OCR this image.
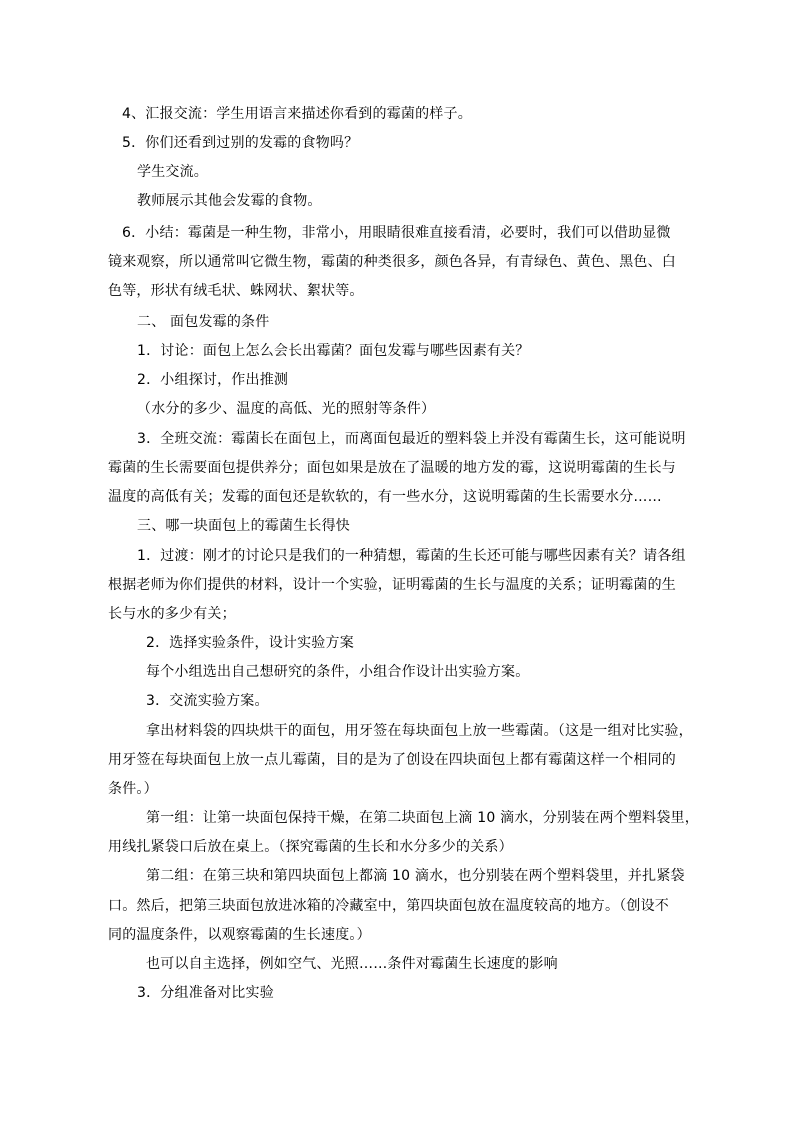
4、汇报交流：学生用语言来描述你看到的霉菌的样子。
5．你们还看到过别的发霉的食物吗？
学生交流。
教师展示其他会发霉的食物。
6．小结：霉菌是一种生物，非常小，用眼睛很难直接看清，必要时，我们可以借助显微
镜来观察，所以通常叫它微生物，霉菌的种类很多，颜色各异，有青绿色、黄色、黑色、白
色等，形状有绒毛状、蛛网状、絮状等。
二、 面包发霉的条件
1．讨论：面包上怎么会长出霉菌？面包发霉与哪些因素有关？
2．小组探讨，作出推测
（水分的多少、温度的高低、光的照射等条件）
3．全班交流：霉菌长在面包上，而离面包最近的塑料袋上并没有霉菌生长，这可能说明
霉菌的生长需要面包提供养分；面包如果是放在了温暖的地方发的霉，这说明霉菌的生长与
温度的高低有关；发霉的面包还是软软的，有一些水分，这说明霉菌的生长需要水分……
三、哪一块面包上的霉菌生长得快
1．过渡：刚才的讨论只是我们的一种猜想，霉菌的生长还可能与哪些因素有关？请各组
根据老师为你们提供的材料，设计一个实验，证明霉菌的生长与温度的关系；证明霉菌的生
长与水的多少有关；
2．选择实验条件，设计实验方案
每个小组选出自己想研究的条件，小组合作设计出实验方案。
3．交流实验方案。
拿出材料袋的四块烘干的面包，用牙签在每块面包上放一些霉菌。（这是一组对比实验，
用牙签在每块面包上放一点儿霉菌，目的是为了创设在四块面包上都有霉菌这样一个相同的
条件。）
第一组：让第一块面包保持干燥，在第二块面包上滴 10 滴水，分别装在两个塑料袋里，
用线扎紧袋口后放在桌上。（探究霉菌的生长和水分多少的关系）
第二组：在第三块和第四块面包上都滴 10 滴水，也分别装在两个塑料袋里，并扎紧袋
口。然后，把第三块面包放进冰箱的冷藏室中，第四块面包放在温度较高的地方。（创设不
同的温度条件，以观察霉菌的生长速度。）
也可以自主选择，例如空气、光照……条件对霉菌生长速度的影响
3．分组准备对比实验
